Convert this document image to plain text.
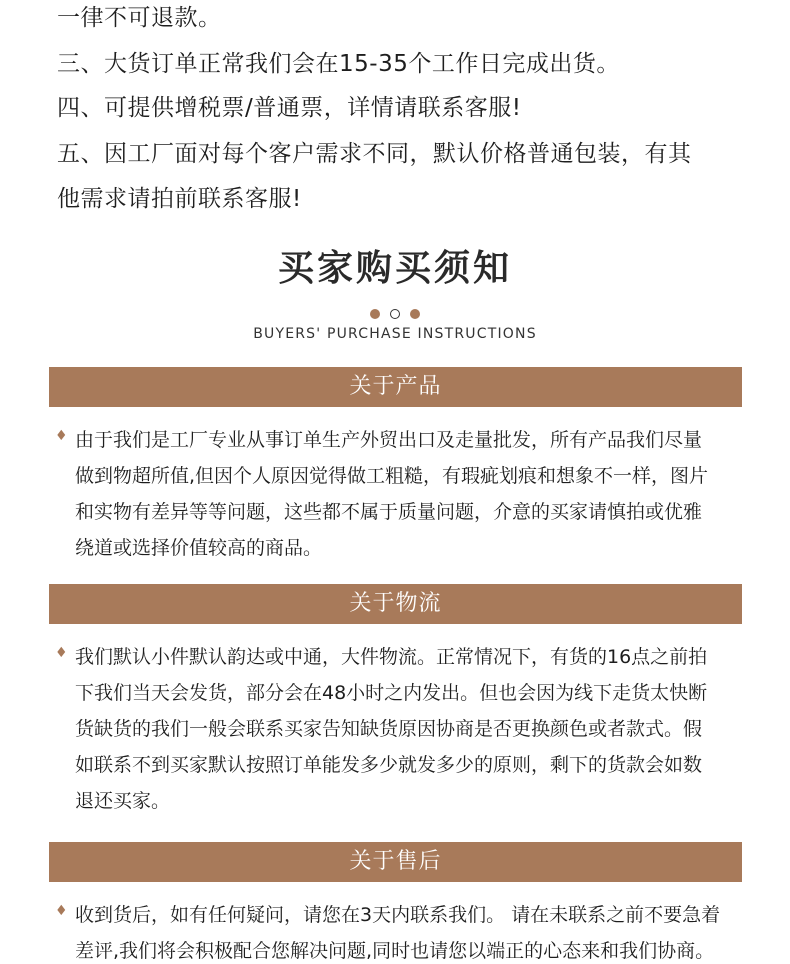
一律不可退款。
三、大货订单正常我们会在15-35个工作日完成出货。
四、可提供增税票/普通票，详情请联系客服!
五、因工厂面对每个客户需求不同，默认价格普通包装，有其
他需求请拍前联系客服!
买家购买须知
BUYERS' PURCHASE INSTRUCTIONS
关于产品
♦ 由于我们是工厂专业从事订单生产外贸出口及走量批发，所有产品我们尽量
做到物超所值,但因个人原因觉得做工粗糙，有瑕疵划痕和想象不一样，图片
和实物有差异等等问题，这些都不属于质量问题，介意的买家请慎拍或优雅
绕道或选择价值较高的商品。
关于物流
♦ 我们默认小件默认韵达或中通，大件物流。正常情况下，有货的16点之前拍
下我们当天会发货，部分会在48小时之内发出。但也会因为线下走货太快断
货缺货的我们一般会联系买家告知缺货原因协商是否更换颜色或者款式。假
如联系不到买家默认按照订单能发多少就发多少的原则，剩下的货款会如数
退还买家。
关于售后
♦ 收到货后，如有任何疑问，请您在3天内联系我们。 请在未联系之前不要急着
差评,我们将会积极配合您解决问题,同时也请您以端正的心态来和我们协商。
